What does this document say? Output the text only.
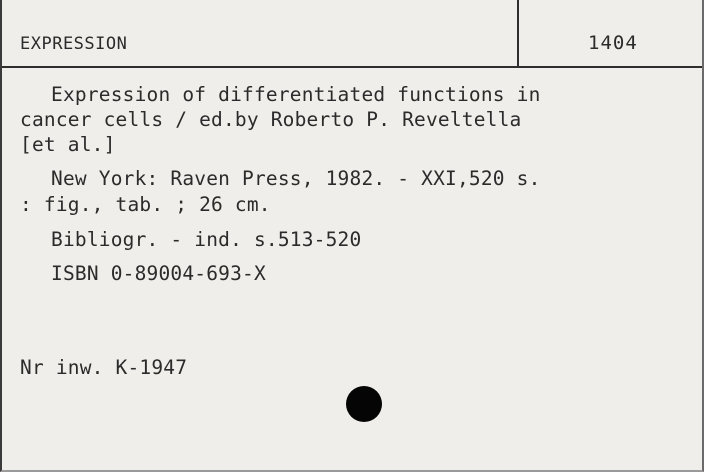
EXPRESSION	1404
Expression of differentiated functions in
cancer cells / ed.by Roberto P. Reveltella
[et al.]
New York: Raven Press, 1982. - XXI,520 s.
: fig., tab. ; 26 cm.
Bibliogr. - ind. s.513-520
ISBN 0-89004-693-X
Nr inw. K-1947
